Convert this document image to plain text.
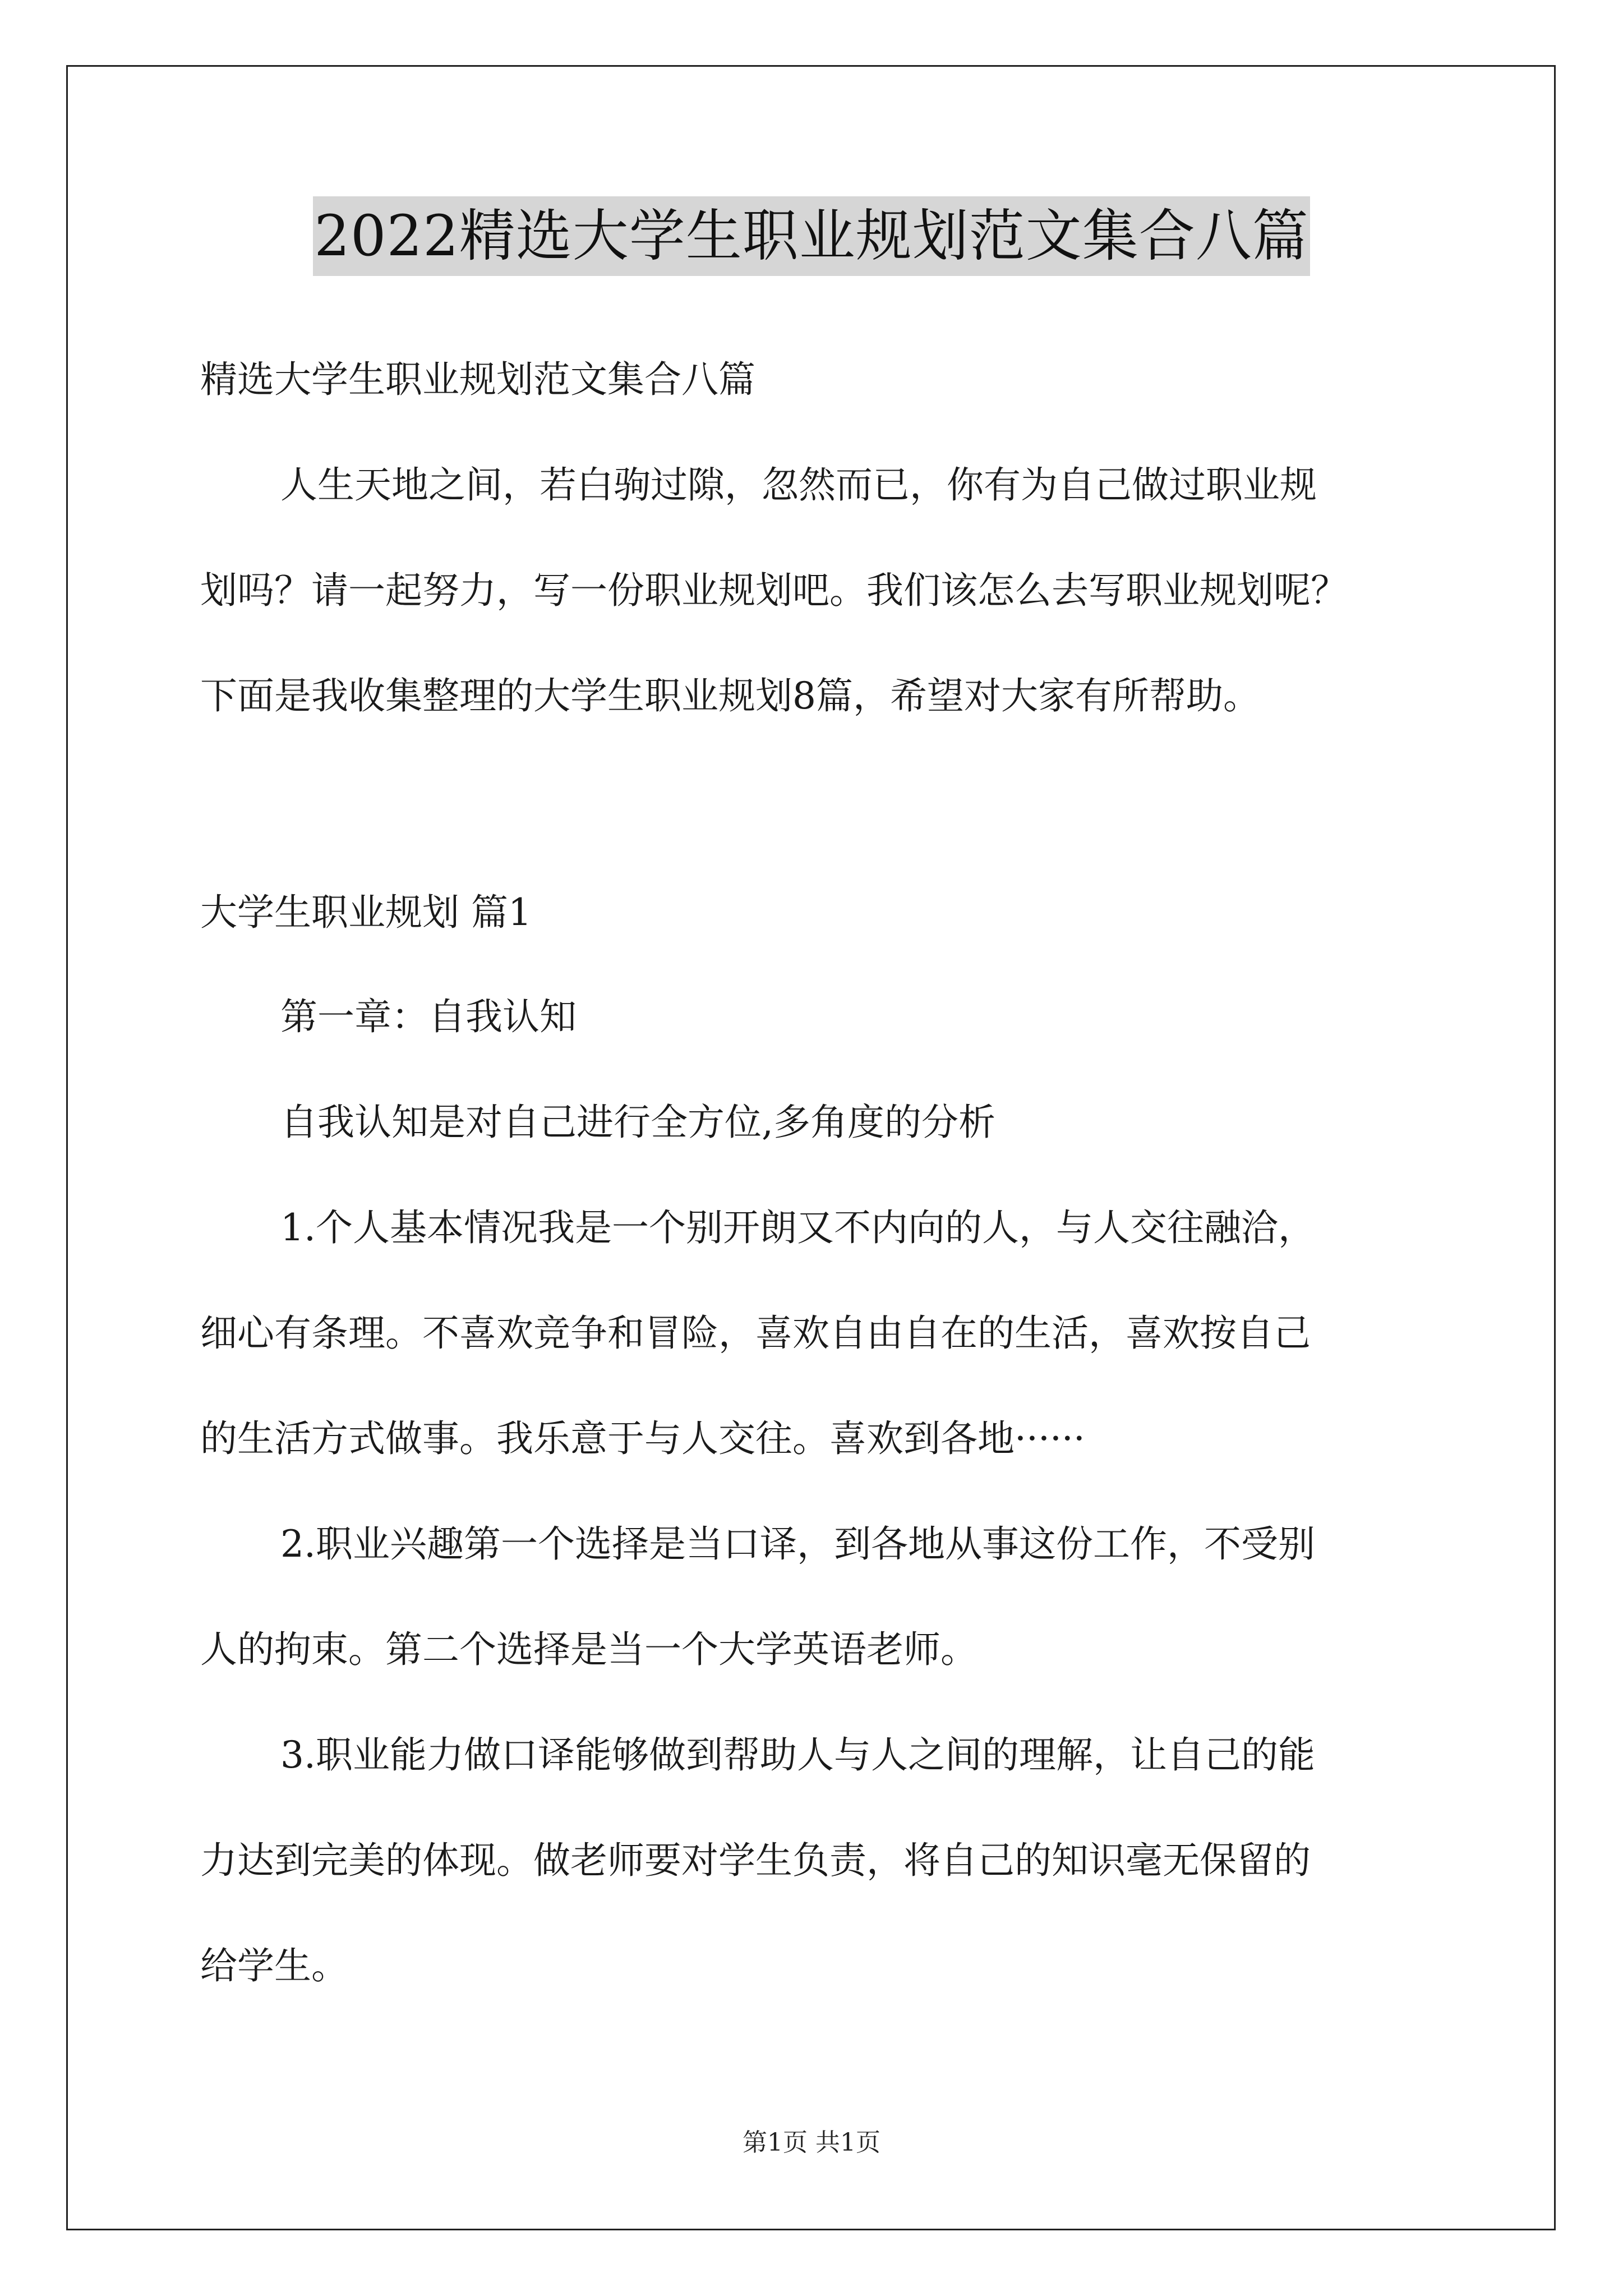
2022精选大学生职业规划范文集合八篇
精选大学生职业规划范文集合八篇
人生天地之间，若白驹过隙，忽然而已，你有为自己做过职业规
划吗？请一起努力，写一份职业规划吧。我们该怎么去写职业规划呢？
下面是我收集整理的大学生职业规划8篇，希望对大家有所帮助。
大学生职业规划 篇1
第一章：自我认知
自我认知是对自己进行全方位,多角度的分析
1.个人基本情况我是一个别开朗又不内向的人，与人交往融洽，
细心有条理。不喜欢竞争和冒险，喜欢自由自在的生活，喜欢按自己
的生活方式做事。我乐意于与人交往。喜欢到各地······
2.职业兴趣第一个选择是当口译，到各地从事这份工作，不受别
人的拘束。第二个选择是当一个大学英语老师。
3.职业能力做口译能够做到帮助人与人之间的理解，让自己的能
力达到完美的体现。做老师要对学生负责，将自己的知识毫无保留的
给学生。
第1页 共1页
